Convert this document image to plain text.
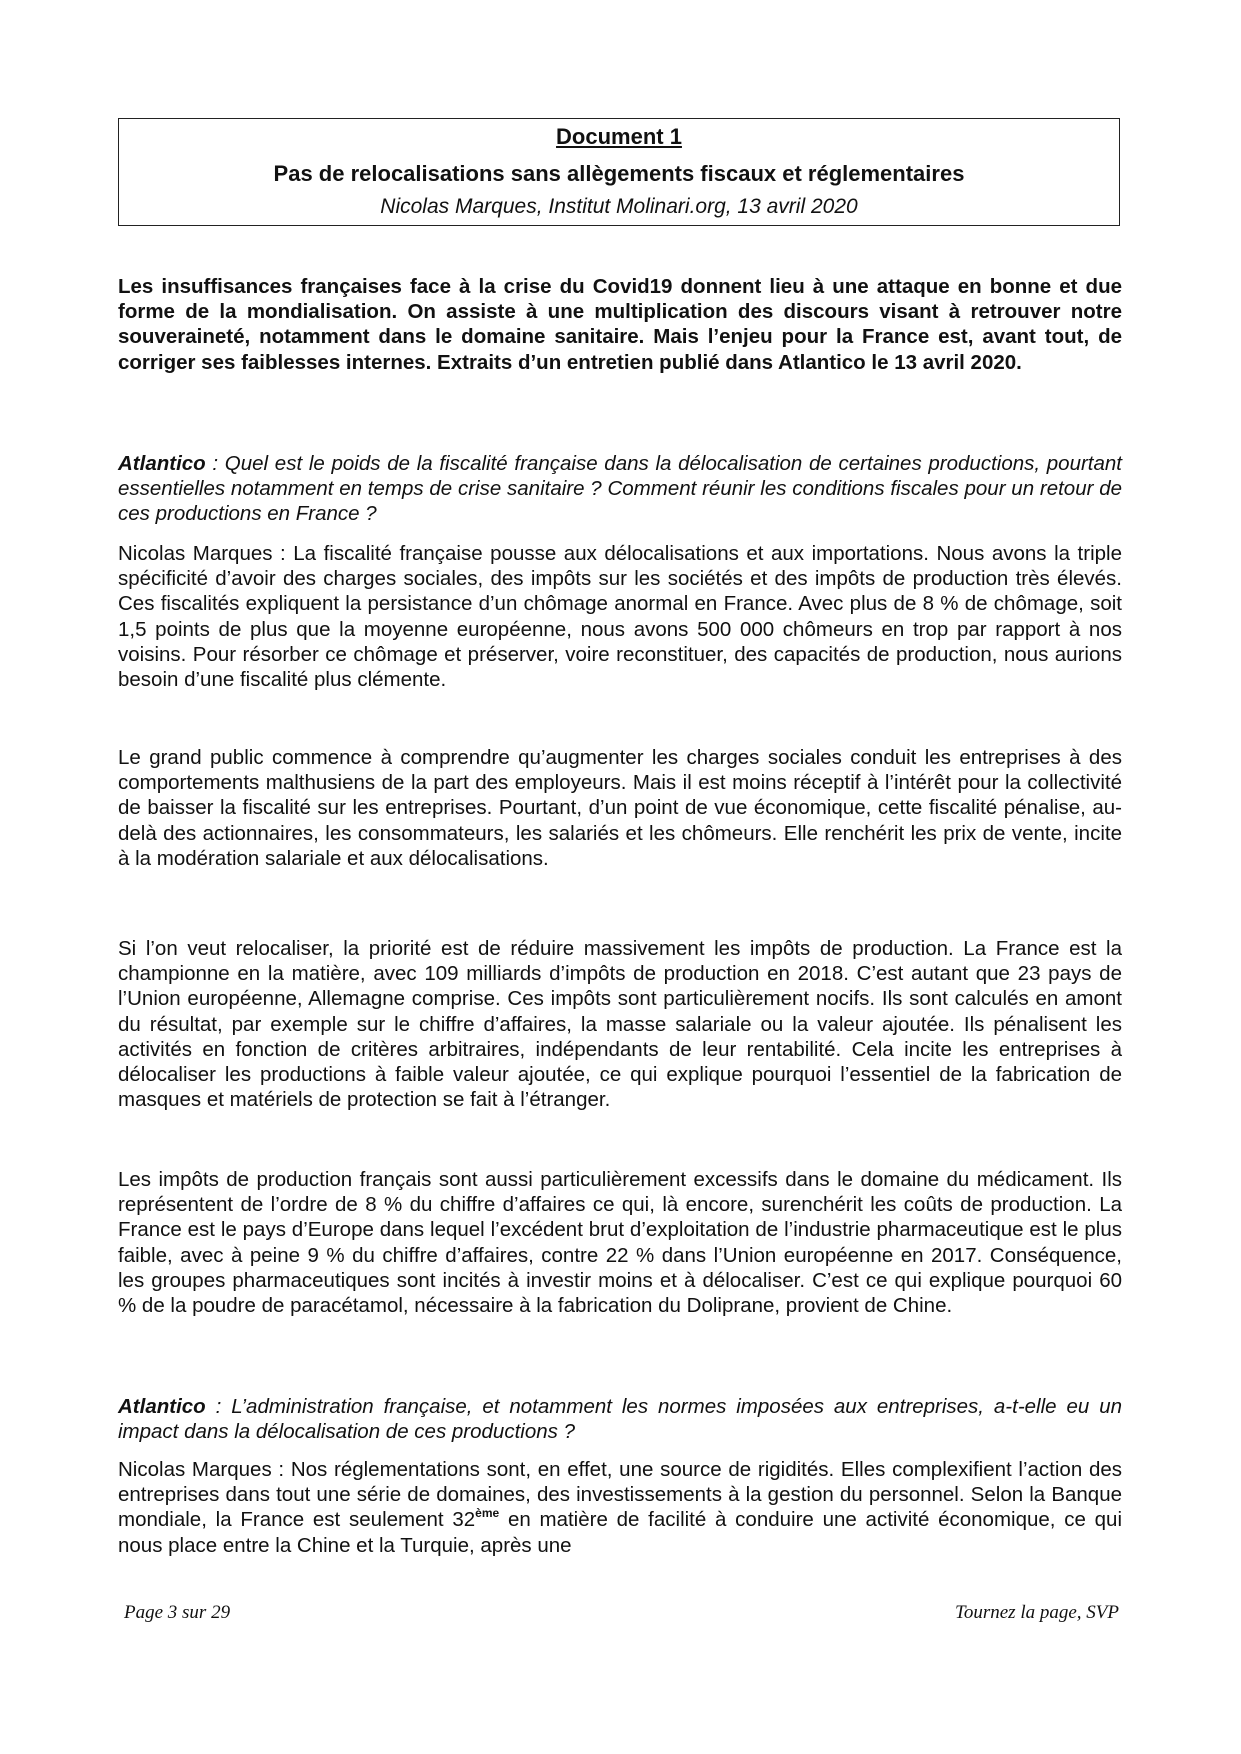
Document 1
Pas de relocalisations sans allègements fiscaux et réglementaires
Nicolas Marques, Institut Molinari.org, 13 avril 2020

Les insuffisances françaises face à la crise du Covid19 donnent lieu à une attaque en bonne et due forme de la mondialisation. On assiste à une multiplication des discours visant à retrouver notre souveraineté, notamment dans le domaine sanitaire. Mais l’enjeu pour la France est, avant tout, de corriger ses faiblesses internes. Extraits d’un entretien publié dans Atlantico le 13 avril 2020.

Atlantico : Quel est le poids de la fiscalité française dans la délocalisation de certaines productions, pourtant essentielles notamment en temps de crise sanitaire ? Comment réunir les conditions fiscales pour un retour de ces productions en France ?

Nicolas Marques : La fiscalité française pousse aux délocalisations et aux importations. Nous avons la triple spécificité d’avoir des charges sociales, des impôts sur les sociétés et des impôts de production très élevés. Ces fiscalités expliquent la persistance d’un chômage anormal en France. Avec plus de 8 % de chômage, soit 1,5 points de plus que la moyenne européenne, nous avons 500 000 chômeurs en trop par rapport à nos voisins. Pour résorber ce chômage et préserver, voire reconstituer, des capacités de production, nous aurions besoin d’une fiscalité plus clémente.

Le grand public commence à comprendre qu’augmenter les charges sociales conduit les entreprises à des comportements malthusiens de la part des employeurs. Mais il est moins réceptif à l’intérêt pour la collectivité de baisser la fiscalité sur les entreprises. Pourtant, d’un point de vue économique, cette fiscalité pénalise, au-delà des actionnaires, les consommateurs, les salariés et les chômeurs. Elle renchérit les prix de vente, incite à la modération salariale et aux délocalisations.

Si l’on veut relocaliser, la priorité est de réduire massivement les impôts de production. La France est la championne en la matière, avec 109 milliards d’impôts de production en 2018. C’est autant que 23 pays de l’Union européenne, Allemagne comprise. Ces impôts sont particulièrement nocifs. Ils sont calculés en amont du résultat, par exemple sur le chiffre d’affaires, la masse salariale ou la valeur ajoutée. Ils pénalisent les activités en fonction de critères arbitraires, indépendants de leur rentabilité. Cela incite les entreprises à délocaliser les productions à faible valeur ajoutée, ce qui explique pourquoi l’essentiel de la fabrication de masques et matériels de protection se fait à l’étranger.

Les impôts de production français sont aussi particulièrement excessifs dans le domaine du médicament. Ils représentent de l’ordre de 8 % du chiffre d’affaires ce qui, là encore, surenchérit les coûts de production. La France est le pays d’Europe dans lequel l’excédent brut d’exploitation de l’industrie pharmaceutique est le plus faible, avec à peine 9 % du chiffre d’affaires, contre 22 % dans l’Union européenne en 2017. Conséquence, les groupes pharmaceutiques sont incités à investir moins et à délocaliser. C’est ce qui explique pourquoi 60 % de la poudre de paracétamol, nécessaire à la fabrication du Doliprane, provient de Chine.

Atlantico : L’administration française, et notamment les normes imposées aux entreprises, a-t-elle eu un impact dans la délocalisation de ces productions ?

Nicolas Marques : Nos réglementations sont, en effet, une source de rigidités. Elles complexifient l’action des entreprises dans tout une série de domaines, des investissements à la gestion du personnel. Selon la Banque mondiale, la France est seulement 32ème en matière de facilité à conduire une activité économique, ce qui nous place entre la Chine et la Turquie, après une

Page 3 sur 29	Tournez la page, SVP
